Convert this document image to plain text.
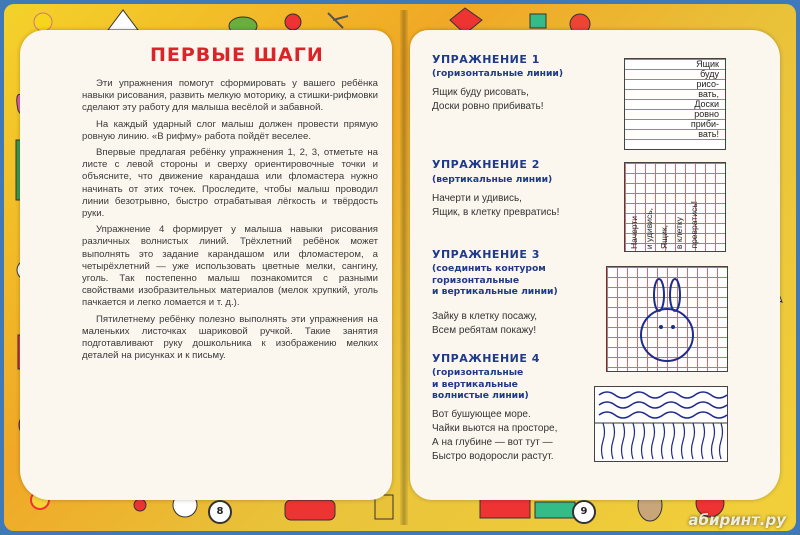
ПЕРВЫЕ ШАГИ

Эти упражнения помогут сформировать у вашего ребёнка навыки рисования, развить мелкую моторику, а стишки-рифмовки сделают эту работу для малыша весёлой и забавной.

На каждый ударный слог малыш должен провести прямую ровную линию. «В рифму» работа пойдёт веселее.

Впервые предлагая ребёнку упражнения 1, 2, 3, отметьте на листе с левой стороны и сверху ориентировочные точки и объясните, что движение карандаша или фломастера нужно начинать от этих точек. Проследите, чтобы малыш проводил линии безотрывно, быстро отрабатывая лёгкость и твёрдость руки.

Упражнение 4 формирует у малыша навыки рисования различных волнистых линий. Трёхлетний ребёнок может выполнять это задание карандашом или фломастером, а четырёхлетний — уже использовать цветные мелки, сангину, уголь. Так постепенно малыш познакомится с разными свойствами изобразительных материалов (мелок хрупкий, уголь пачкается и легко ломается и т. д.).

Пятилетнему ребёнку полезно выполнять эти упражнения на маленьких листочках шариковой ручкой. Такие занятия подготавливают руку дошкольника к изображению мелких деталей на рисунках и к письму.

УПРАЖНЕНИЕ 1
(горизонтальные линии)
Ящик буду рисовать,
Доски ровно прибивать!
Ящик
буду
рисо-
вать,
Доски
ровно
приби-
вать!
УПРАЖНЕНИЕ 2
(вертикальные линии)
Начерти и удивись,
Ящик, в клетку превратись!
Начерти и удивись, Ящик, в клетку превратись!
УПРАЖНЕНИЕ 3
(соединить контуром
горизонтальные
и вертикальные линии)
Зайку в клетку посажу,
Всем ребятам покажу!
УПРАЖНЕНИЕ 4
(горизонтальные
и вертикальные
волнистые линии)
Вот бушующее море.
Чайки вьются на просторе,
А на глубине — вот тут —
Быстро водоросли растут.
8	9	абиринт.ру
